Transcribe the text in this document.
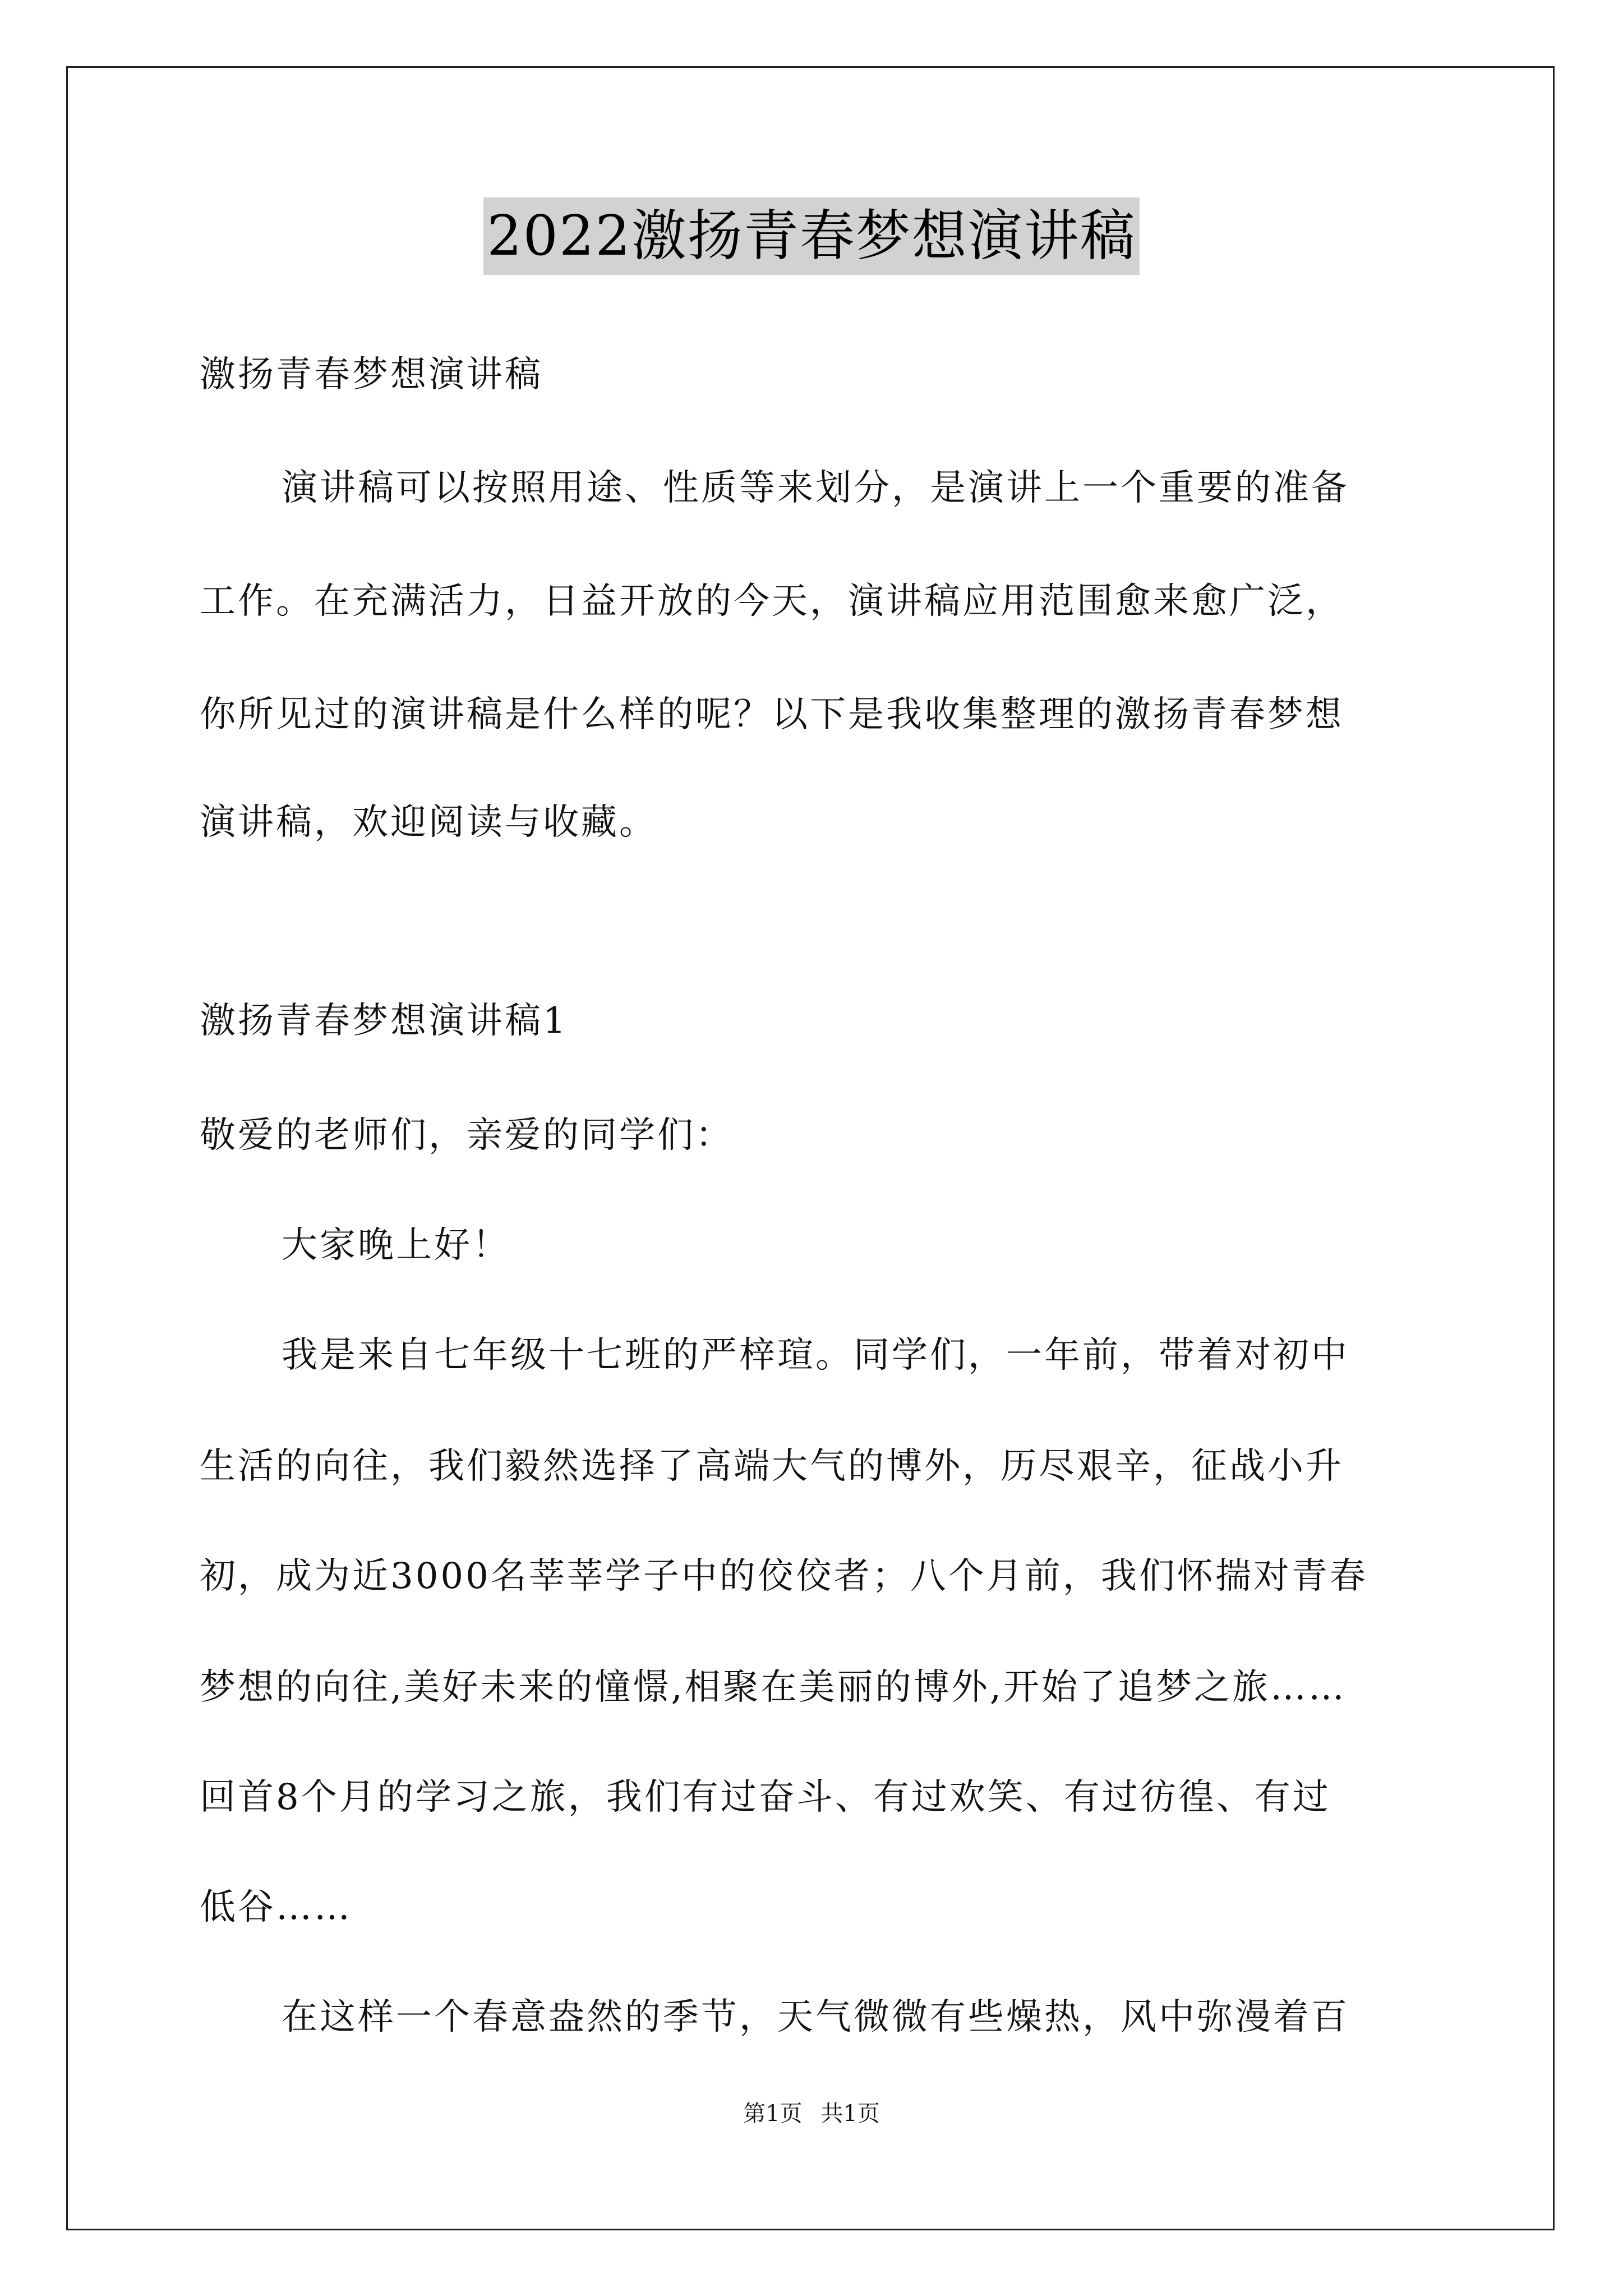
2022激扬青春梦想演讲稿
激扬青春梦想演讲稿
演讲稿可以按照用途、性质等来划分，是演讲上一个重要的准备
工作。在充满活力，日益开放的今天，演讲稿应用范围愈来愈广泛，
你所见过的演讲稿是什么样的呢？以下是我收集整理的激扬青春梦想
演讲稿，欢迎阅读与收藏。
激扬青春梦想演讲稿1
敬爱的老师们，亲爱的同学们：
大家晚上好！
我是来自七年级十七班的严梓瑄。同学们，一年前，带着对初中
生活的向往，我们毅然选择了高端大气的博外，历尽艰辛，征战小升
初，成为近3000名莘莘学子中的佼佼者；八个月前，我们怀揣对青春
梦想的向往,美好未来的憧憬,相聚在美丽的博外,开始了追梦之旅……
回首8个月的学习之旅，我们有过奋斗、有过欢笑、有过彷徨、有过
低谷……
在这样一个春意盎然的季节，天气微微有些燥热，风中弥漫着百
第1页 共1页
